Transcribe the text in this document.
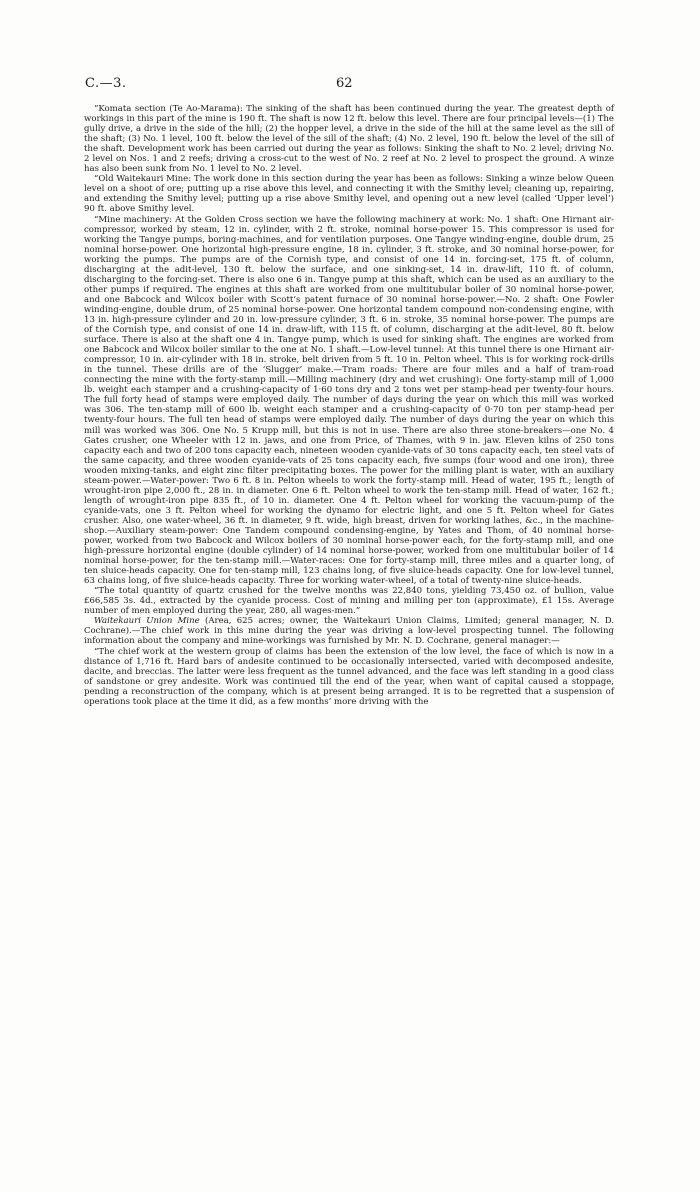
C.—3.	62

“Komata section (Te Ao-Marama): The sinking of the shaft has been continued during the year. The greatest depth of workings in this part of the mine is 190 ft. The shaft is now 12 ft. below this level. There are four principal levels—(1) The gully drive, a drive in the side of the hill; (2) the hopper level, a drive in the side of the hill at the same level as the sill of the shaft; (3) No. 1 level, 100 ft. below the level of the sill of the shaft; (4) No. 2 level, 190 ft. below the level of the sill of the shaft. Development work has been carried out during the year as follows: Sinking the shaft to No. 2 level; driving No. 2 level on Nos. 1 and 2 reefs; driving a cross-cut to the west of No. 2 reef at No. 2 level to prospect the ground. A winze has also been sunk from No. 1 level to No. 2 level.

“Old Waitekauri Mine: The work done in this section during the year has been as follows: Sinking a winze below Queen level on a shoot of ore; putting up a rise above this level, and connecting it with the Smithy level; cleaning up, repairing, and extending the Smithy level; putting up a rise above Smithy level, and opening out a new level (called ‘Upper level’) 90 ft. above Smithy level.

“Mine machinery: At the Golden Cross section we have the following machinery at work: No. 1 shaft: One Hirnant air-compressor, worked by steam, 12 in. cylinder, with 2 ft. stroke, nominal horse-power 15. This compressor is used for working the Tangye pumps, boring-machines, and for ventilation purposes. One Tangye winding-engine, double drum, 25 nominal horse-power. One horizontal high-pressure engine, 18 in. cylinder, 3 ft. stroke, and 30 nominal horse-power, for working the pumps. The pumps are of the Cornish type, and consist of one 14 in. forcing-set, 175 ft. of column, discharging at the adit-level, 130 ft. below the surface, and one sinking-set, 14 in. draw-lift, 110 ft. of column, discharging to the forcing-set. There is also one 6 in. Tangye pump at this shaft, which can be used as an auxiliary to the other pumps if required. The engines at this shaft are worked from one multitubular boiler of 30 nominal horse-power, and one Babcock and Wilcox boiler with Scott’s patent furnace of 30 nominal horse-power.—No. 2 shaft: One Fowler winding-engine, double drum, of 25 nominal horse-power. One horizontal tandem compound non-condensing engine, with 13 in. high-pressure cylinder and 20 in. low-pressure cylinder, 3 ft. 6 in. stroke, 35 nominal horse-power. The pumps are of the Cornish type, and consist of one 14 in. draw-lift, with 115 ft. of column, discharging at the adit-level, 80 ft. below surface. There is also at the shaft one 4 in. Tangye pump, which is used for sinking shaft. The engines are worked from one Babcock and Wilcox boiler similar to the one at No. 1 shaft.—Low-level tunnel: At this tunnel there is one Hirnant air-compressor, 10 in. air-cylinder with 18 in. stroke, belt driven from 5 ft. 10 in. Pelton wheel. This is for working rock-drills in the tunnel. These drills are of the ‘Slugger’ make.—Tram roads: There are four miles and a half of tram-road connecting the mine with the forty-stamp mill.—Milling machinery (dry and wet crushing): One forty-stamp mill of 1,000 lb. weight each stamper and a crushing-capacity of 1·60 tons dry and 2 tons wet per stamp-head per twenty-four hours. The full forty head of stamps were employed daily. The number of days during the year on which this mill was worked was 306. The ten-stamp mill of 600 lb. weight each stamper and a crushing-capacity of 0·70 ton per stamp-head per twenty-four hours. The full ten head of stamps were employed daily. The number of days during the year on which this mill was worked was 306. One No. 5 Krupp mill, but this is not in use. There are also three stone-breakers—one No. 4 Gates crusher, one Wheeler with 12 in. jaws, and one from Price, of Thames, with 9 in. jaw. Eleven kilns of 250 tons capacity each and two of 200 tons capacity each, nineteen wooden cyanide-vats of 30 tons capacity each, ten steel vats of the same capacity, and three wooden cyanide-vats of 25 tons capacity each, five sumps (four wood and one iron), three wooden mixing-tanks, and eight zinc filter precipitating boxes. The power for the milling plant is water, with an auxiliary steam-power.—Water-power: Two 6 ft. 8 in. Pelton wheels to work the forty-stamp mill. Head of water, 195 ft.; length of wrought-iron pipe 2,000 ft., 28 in. in diameter. One 6 ft. Pelton wheel to work the ten-stamp mill. Head of water, 162 ft.; length of wrought-iron pipe 835 ft., of 10 in. diameter. One 4 ft. Pelton wheel for working the vacuum-pump of the cyanide-vats, one 3 ft. Pelton wheel for working the dynamo for electric light, and one 5 ft. Pelton wheel for Gates crusher. Also, one water-wheel, 36 ft. in diameter, 9 ft. wide, high breast, driven for working lathes, &c., in the machine-shop.—Auxiliary steam-power: One Tandem compound condensing-engine, by Yates and Thom, of 40 nominal horse-power, worked from two Babcock and Wilcox boilers of 30 nominal horse-power each, for the forty-stamp mill, and one high-pressure horizontal engine (double cylinder) of 14 nominal horse-power, worked from one multitubular boiler of 14 nominal horse-power, for the ten-stamp mill.—Water-races: One for forty-stamp mill, three miles and a quarter long, of ten sluice-heads capacity. One for ten-stamp mill, 123 chains long, of five sluice-heads capacity. One for low-level tunnel, 63 chains long, of five sluice-heads capacity. Three for working water-wheel, of a total of twenty-nine sluice-heads.

“The total quantity of quartz crushed for the twelve months was 22,840 tons, yielding 73,450 oz. of bullion, value £66,585 3s. 4d., extracted by the cyanide process. Cost of mining and milling per ton (approximate), £1 15s. Average number of men employed during the year, 280, all wages-men.”

Waitekauri Union Mine (Area, 625 acres; owner, the Waitekauri Union Claims, Limited; general manager, N. D. Cochrane).—The chief work in this mine during the year was driving a low-level prospecting tunnel. The following information about the company and mine-workings was furnished by Mr. N. D. Cochrane, general manager:—

“The chief work at the western group of claims has been the extension of the low level, the face of which is now in a distance of 1,716 ft. Hard bars of andesite continued to be occasionally intersected, varied with decomposed andesite, dacite, and breccias. The latter were less frequent as the tunnel advanced, and the face was left standing in a good class of sandstone or grey andesite. Work was continued till the end of the year, when want of capital caused a stoppage, pending a reconstruction of the company, which is at present being arranged. It is to be regretted that a suspension of operations took place at the time it did, as a few months’ more driving with the
